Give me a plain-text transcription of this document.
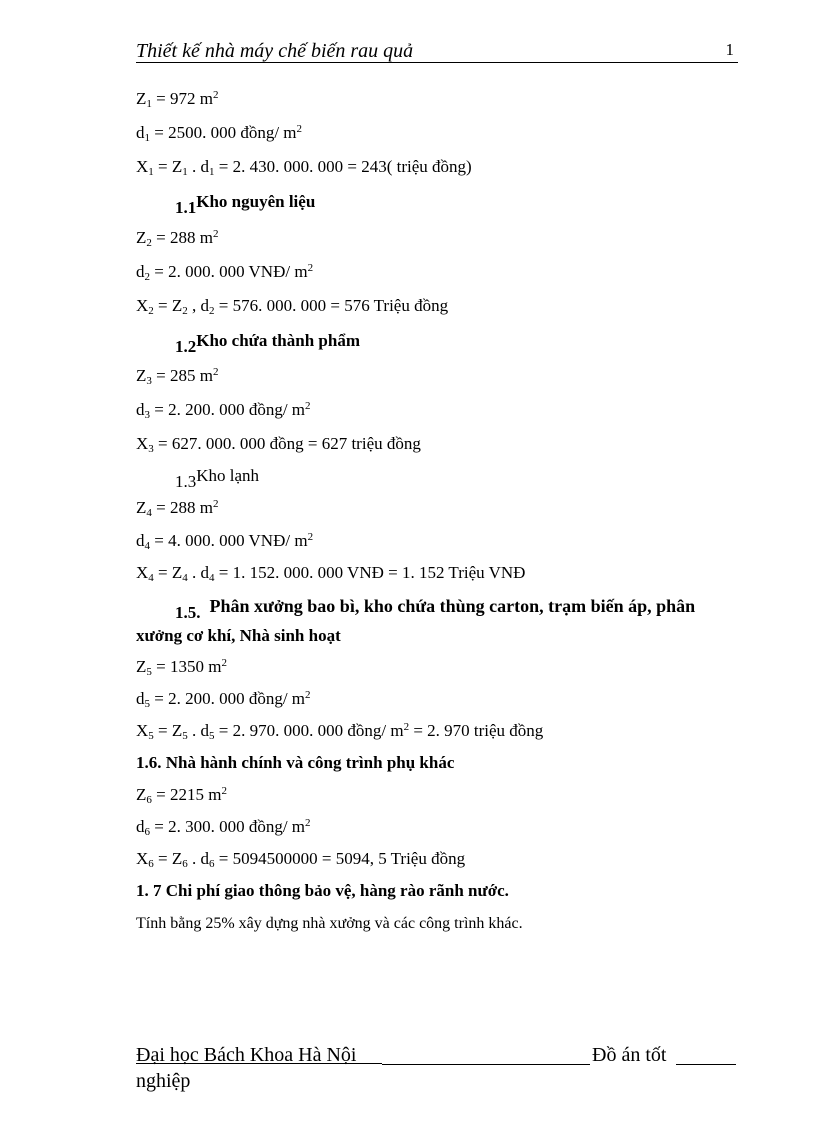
Thiết kế nhà máy chế biến rau quả	1
$Z_1 = 972$ $m^2$
$d_1 = 2500$. 000 đồng/ $m^2$
$X_1 = Z_1$ . $d_1 = 2$. 430. 000. 000 = 243( triệu đồng)
1.1Kho nguyên liệu
$Z_2 = 288$ $m^2$
$d_2 = 2$. 000. 000 VNĐ/ $m^2$
$X_2 = Z_2$ , $d_2 = 576$. 000. 000 = 576 Triệu đồng
1.2Kho chứa thành phẩm
$Z_3 = 285$ $m^2$
$d_3 = 2$. 200. 000 đồng/ $m^2$
$X_3 = 627$. 000. 000 đồng = 627 triệu đồng
1.3Kho lạnh
$Z_4 = 288$ $m^2$
$d_4 = 4$. 000. 000 VNĐ/ $m^2$
$X_4 = Z_4$ . $d_4 = 1$. 152. 000. 000 VNĐ = 1. 152 Triệu VNĐ
1.5. Phân xưởng bao bì, kho chứa thùng carton, trạm biến áp, phân
xưởng cơ khí, Nhà sinh hoạt
$Z_5 = 1350$ $m^2$
$d_5 = 2$. 200. 000 đồng/ $m^2$
$X_5 = Z_5$ . $d_5 = 2$. 970. 000. 000 đồng/ $m^2 = 2$. 970 triệu đồng
1.6. Nhà hành chính và công trình phụ khác
$Z_6 = 2215$ $m^2$
$d_6 = 2$. 300. 000 đồng/ $m^2$
$X_6 = Z_6$ . $d_6 = 5094500000 = 5094$, 5 Triệu đồng
1. 7 Chi phí giao thông bảo vệ, hàng rào rãnh nước.
Tính bằng 25% xây dựng nhà xưởng và các công trình khác.
Đại học Bách Khoa Hà Nội	Đồ án tốt
nghiệp
